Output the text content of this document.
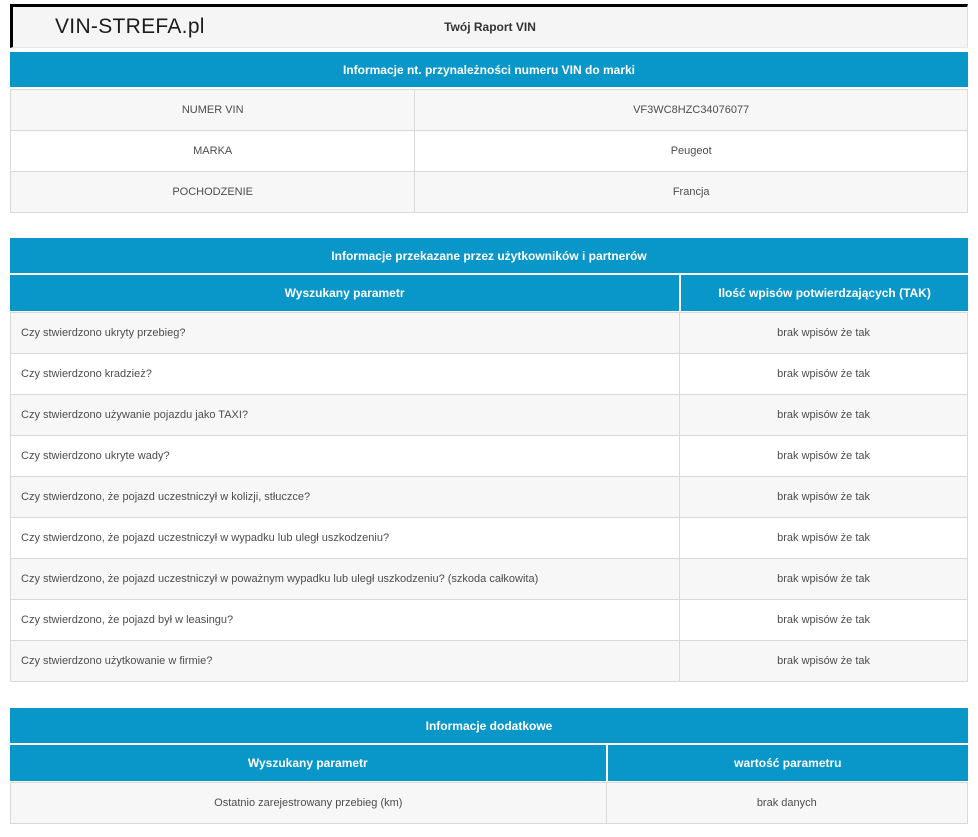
VIN-STREFA.pl	Twój Raport VIN
Informacje nt. przynależności numeru VIN do marki
NUMER VIN	VF3WC8HZC34076077
MARKA	Peugeot
POCHODZENIE	Francja
Informacje przekazane przez użytkowników i partnerów
Wyszukany parametr	Ilość wpisów potwierdzających (TAK)
Czy stwierdzono ukryty przebieg?	brak wpisów że tak
Czy stwierdzono kradzież?	brak wpisów że tak
Czy stwierdzono używanie pojazdu jako TAXI?	brak wpisów że tak
Czy stwierdzono ukryte wady?	brak wpisów że tak
Czy stwierdzono, że pojazd uczestniczył w kolizji, stłuczce?	brak wpisów że tak
Czy stwierdzono, że pojazd uczestniczył w wypadku lub uległ uszkodzeniu?	brak wpisów że tak
Czy stwierdzono, że pojazd uczestniczył w poważnym wypadku lub uległ uszkodzeniu? (szkoda całkowita)	brak wpisów że tak
Czy stwierdzono, że pojazd był w leasingu?	brak wpisów że tak
Czy stwierdzono użytkowanie w firmie?	brak wpisów że tak
Informacje dodatkowe
Wyszukany parametr	wartość parametru
Ostatnio zarejestrowany przebieg (km)	brak danych
